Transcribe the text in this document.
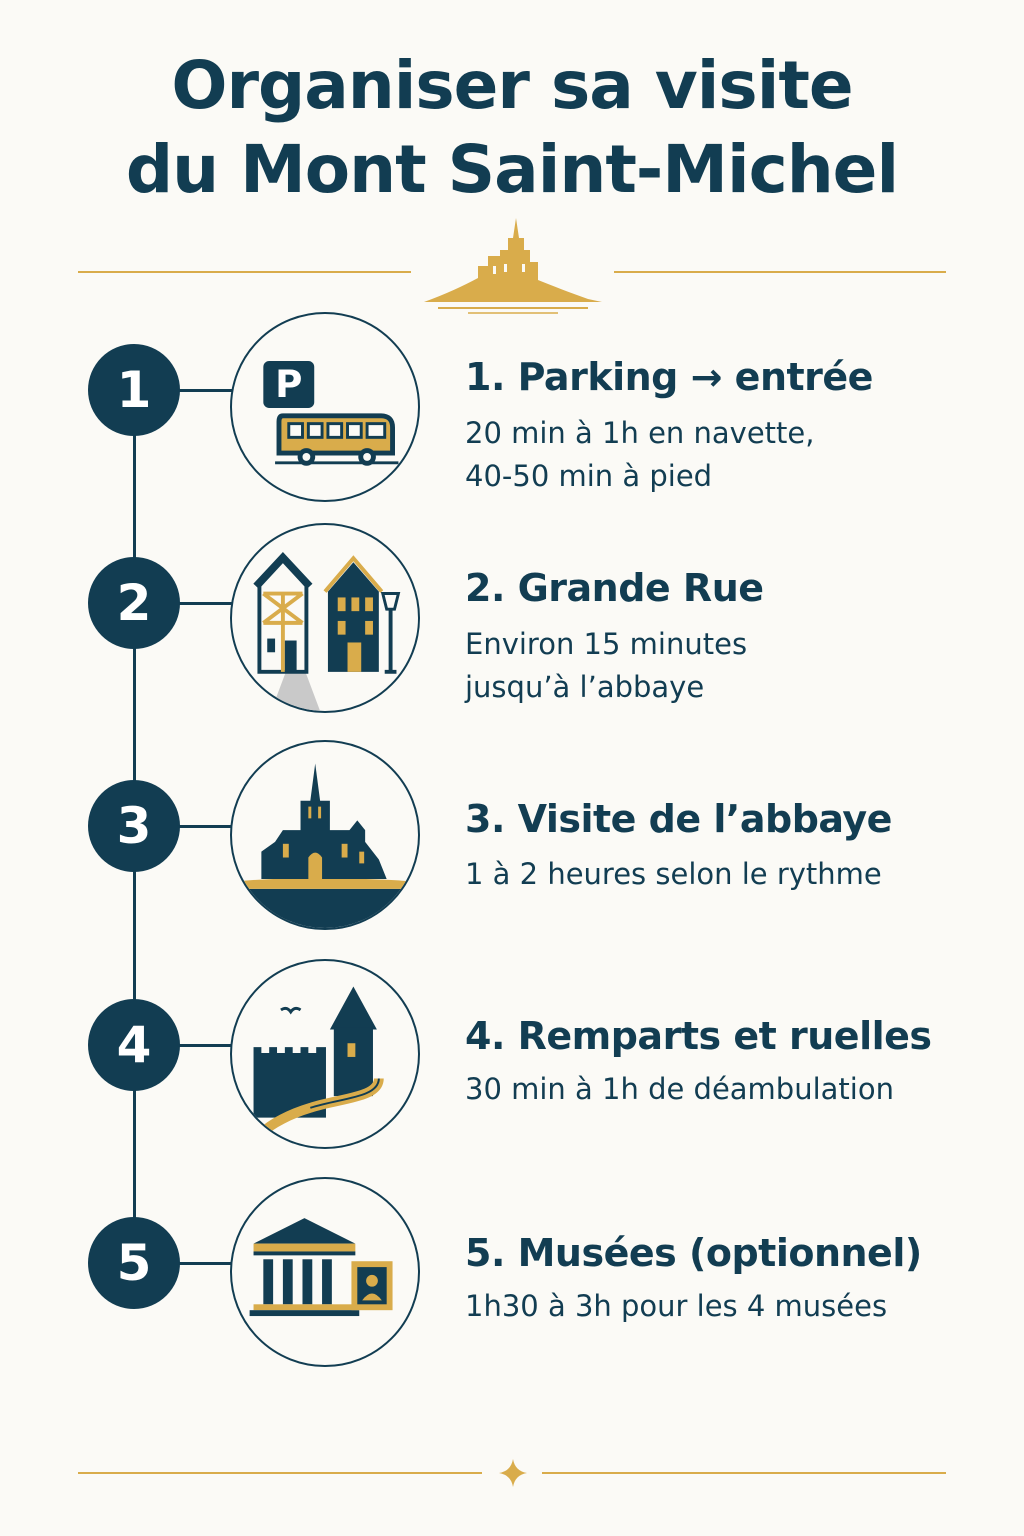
Organiser sa visite
du Mont Saint-Michel
1	P	1. Parking → entrée
20 min à 1h en navette,
40-50 min à pied
2	2. Grande Rue
Environ 15 minutes
jusqu’à l’abbaye
3	3. Visite de l’abbaye
1 à 2 heures selon le rythme
4	4. Remparts et ruelles
30 min à 1h de déambulation
5	5. Musées (optionnel)
1h30 à 3h pour les 4 musées
